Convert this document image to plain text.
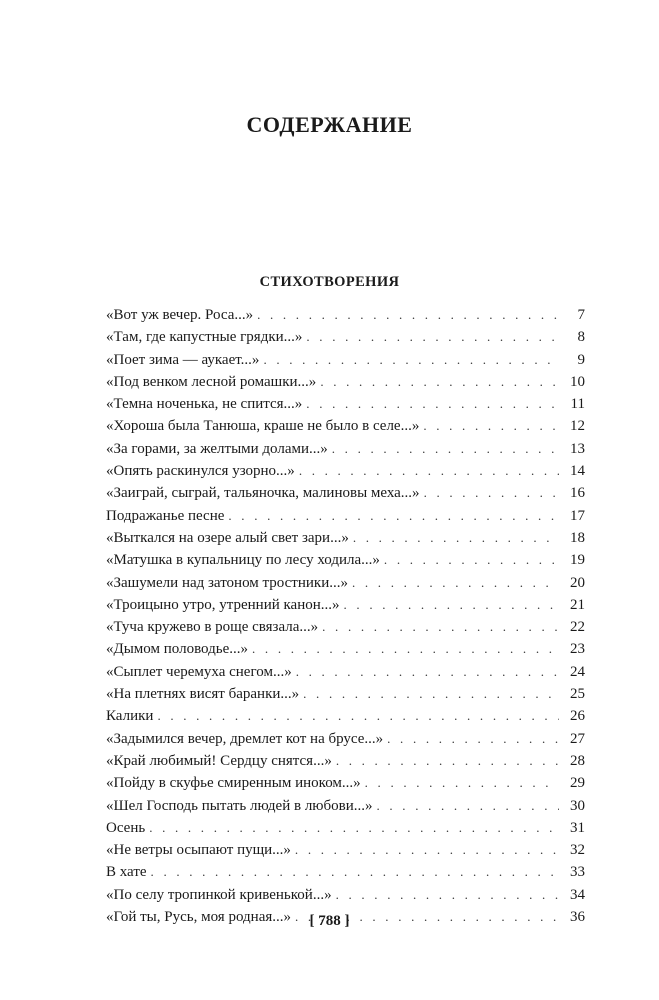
СОДЕРЖАНИЕ
СТИХОТВОРЕНИЯ
«Вот уж вечер. Роса...» . . .	7
«Там, где капустные грядки...» . . .	8
«Поет зима — аукает...» . . .	9
«Под венком лесной ромашки...» . . .	10
«Темна ноченька, не спится...» . . .	11
«Хороша была Танюша, краше не было в селе...» . . .	12
«За горами, за желтыми долами...» . . .	13
«Опять раскинулся узорно...» . . .	14
«Заиграй, сыграй, тальяночка, малиновы меха...» . . .	16
Подражанье песне . . .	17
«Выткался на озере алый свет зари...» . . .	18
«Матушка в купальницу по лесу ходила...» . . .	19
«Зашумели над затоном тростники...» . . .	20
«Троицыно утро, утренний канон...» . . .	21
«Туча кружево в роще связала...» . . .	22
«Дымом половодье...» . . .	23
«Сыплет черемуха снегом...» . . .	24
«На плетнях висят баранки...» . . .	25
Калики . . .	26
«Задымился вечер, дремлет кот на брусе...» . . .	27
«Край любимый! Сердцу снятся...» . . .	28
«Пойду в скуфье смиренным иноком...» . . .	29
«Шел Господь пытать людей в любови...» . . .	30
Осень . . .	31
«Не ветры осыпают пущи...» . . .	32
В хате . . .	33
«По селу тропинкой кривенькой...» . . .	34
«Гой ты, Русь, моя родная...» . . .	36
[ 788 ]
